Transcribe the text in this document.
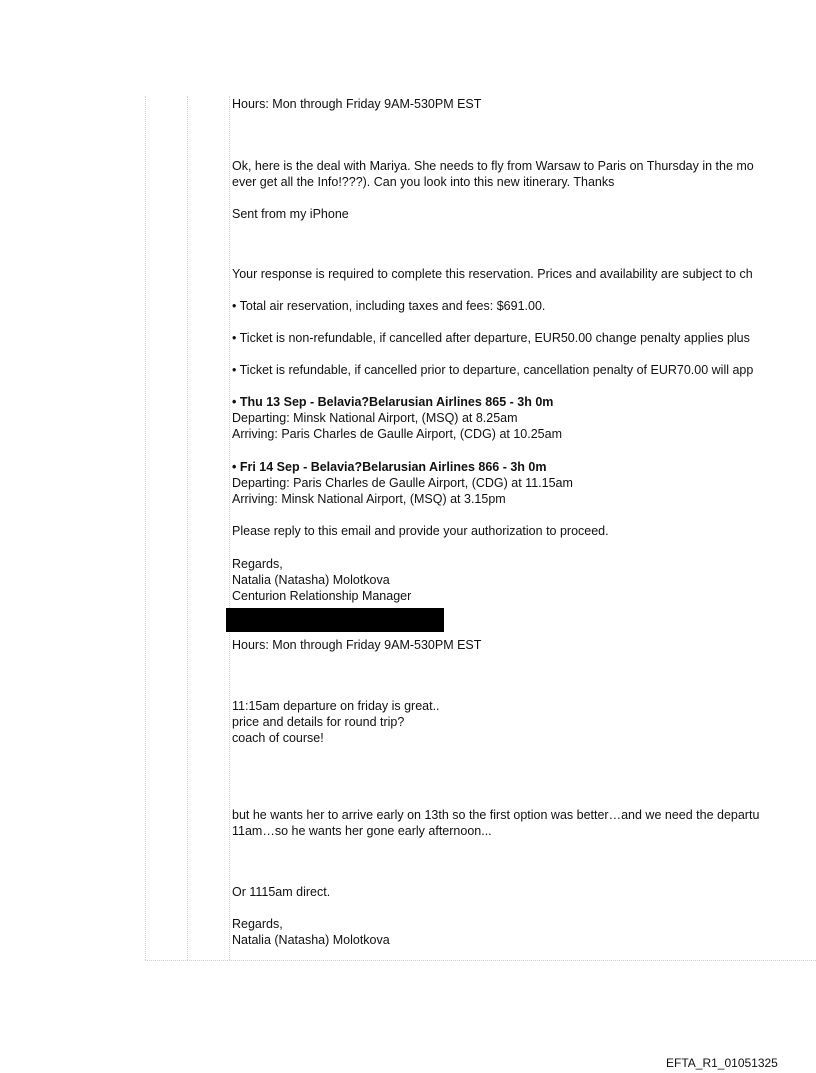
Hours: Mon through Friday 9AM-530PM EST
Ok, here is the deal with Mariya. She needs to fly from Warsaw to Paris on Thursday in the mo
ever get all the Info!???). Can you look into this new itinerary. Thanks
Sent from my iPhone
Your response is required to complete this reservation. Prices and availability are subject to ch
• Total air reservation, including taxes and fees: $691.00.
• Ticket is non-refundable, if cancelled after departure, EUR50.00 change penalty applies plus
• Ticket is refundable, if cancelled prior to departure, cancellation penalty of EUR70.00 will app
• Thu 13 Sep - Belavia?Belarusian Airlines 865 - 3h 0m
Departing: Minsk National Airport, (MSQ) at 8.25am
Arriving: Paris Charles de Gaulle Airport, (CDG) at 10.25am
• Fri 14 Sep - Belavia?Belarusian Airlines 866 - 3h 0m
Departing: Paris Charles de Gaulle Airport, (CDG) at 11.15am
Arriving: Minsk National Airport, (MSQ) at 3.15pm
Please reply to this email and provide your authorization to proceed.
Regards,
Natalia (Natasha) Molotkova
Centurion Relationship Manager
Hours: Mon through Friday 9AM-530PM EST
11:15am departure on friday is great..
price and details for round trip?
coach of course!
but he wants her to arrive early on 13th so the first option was better…and we need the departu
11am…so he wants her gone early afternoon...
Or 1115am direct.
Regards,
Natalia (Natasha) Molotkova
EFTA_R1_01051325
